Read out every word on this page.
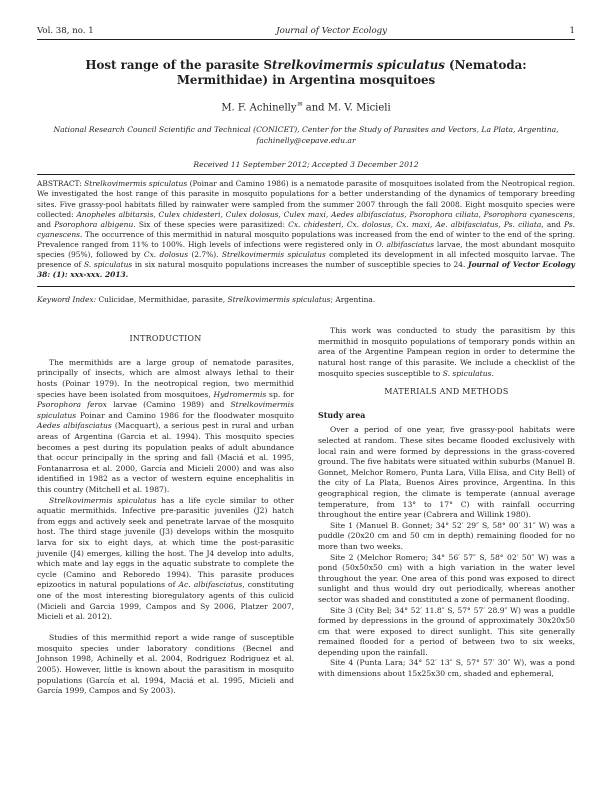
Vol. 38, no. 1	Journal of Vector Ecology	1
Host range of the parasite Strelkovimermis spiculatus (Nematoda: Mermithidae) in Argentina mosquitoes
M. F. Achinelly✉ and M. V. Micieli
National Research Council Scientific and Technical (CONICET), Center for the Study of Parasites and Vectors, La Plata, Argentina,
fachinelly@cepave.edu.ar
Received 11 September 2012; Accepted 3 December 2012
ABSTRACT: Strelkovimermis spiculatus (Poinar and Camino 1986) is a nematode parasite of mosquitoes isolated from the Neotropical region. We investigated the host range of this parasite in mosquito populations for a better understanding of the dynamics of temporary breeding sites. Five grassy-pool habitats filled by rainwater were sampled from the summer 2007 through the fall 2008. Eight mosquito species were collected: Anopheles albitarsis, Culex chidesteri, Culex dolosus, Culex maxi, Aedes albifasciatus, Psorophora ciliata, Psorophora cyanescens, and Psorophora albigenu. Six of these species were parasitized: Cx. chidesteri, Cx. dolosus, Cx. maxi, Ae. albifasciatus, Ps. ciliata, and Ps. cyanescens. The occurrence of this mermithid in natural mosquito populations was increased from the end of winter to the end of the spring. Prevalence ranged from 11% to 100%. High levels of infections were registered only in O. albifasciatus larvae, the most abundant mosquito species (95%), followed by Cx. dolosus (2.7%). Strelkovimermis spiculatus completed its development in all infected mosquito larvae. The presence of S. spiculatus in six natural mosquito populations increases the number of susceptible species to 24. Journal of Vector Ecology 38: (1): xxx-xxx. 2013.
Keyword Index: Culicidae, Mermithidae, parasite, Strelkovimermis spiculatus; Argentina.
INTRODUCTION

The mermithids are a large group of nematode parasites, principally of insects, which are almost always lethal to their hosts (Poinar 1979). In the neotropical region, two mermithid species have been isolated from mosquitoes, Hydromermis sp. for Psorophora ferox larvae (Camino 1989) and Strelkovimermis spiculatus Poinar and Camino 1986 for the floodwater mosquito Aedes albifasciatus (Macquart), a serious pest in rural and urban areas of Argentina (Garcia et al. 1994). This mosquito species becomes a pest during its population peaks of adult abundance that occur principally in the spring and fall (Maciá et al. 1995, Fontanarrosa et al. 2000, García and Micieli 2000) and was also identified in 1982 as a vector of western equine encephalitis in this country (Mitchell et al. 1987).

Strelkovimermis spiculatus has a life cycle similar to other aquatic mermithids. Infective pre-parasitic juveniles (J2) hatch from eggs and actively seek and penetrate larvae of the mosquito host. The third stage juvenile (J3) develops within the mosquito larva for six to eight days, at which time the post-parasitic juvenile (J4) emerges, killing the host. The J4 develop into adults, which mate and lay eggs in the aquatic substrate to complete the cycle (Camino and Reboredo 1994). This parasite produces epizootics in natural populations of Ac. albifasciatus, constituting one of the most interesting bioregulatory agents of this culicid (Micieli and Garcia 1999, Campos and Sy 2006, Platzer 2007, Micieli et al. 2012).

Studies of this mermithid report a wide range of susceptible mosquito species under laboratory conditions (Becnel and Johnson 1998, Achinelly et al. 2004, Rodriguez Rodriguez et al. 2005). However, little is known about the parasitism in mosquito populations (García et al. 1994, Maciá et al. 1995, Micieli and García 1999, Campos and Sy 2003).

This work was conducted to study the parasitism by this mermithid in mosquito populations of temporary ponds within an area of the Argentine Pampean region in order to determine the natural host range of this parasite. We include a checklist of the mosquito species susceptible to S. spiculatus.

MATERIALS AND METHODS
Study area

Over a period of one year, five grassy-pool habitats were selected at random. These sites became flooded exclusively with local rain and were formed by depressions in the grass-covered ground. The five habitats were situated within suburbs (Manuel B. Gonnet, Melchor Romero, Punta Lara, Villa Elisa, and City Bell) of the city of La Plata, Buenos Aires province, Argentina. In this geographical region, the climate is temperate (annual average temperature, from 13° to 17° C) with rainfall occurring throughout the entire year (Cabrera and Willink 1980).

Site 1 (Manuel B. Gonnet; 34° 52′ 29″ S, 58° 00′ 31″ W) was a puddle (20x20 cm and 50 cm in depth) remaining flooded for no more than two weeks.

Site 2 (Melchor Romero; 34° 56′ 57″ S, 58° 02′ 50″ W) was a pond (50x50x50 cm) with a high variation in the water level throughout the year. One area of this pond was exposed to direct sunlight and thus would dry out periodically, whereas another sector was shaded and constituted a zone of permanent flooding.

Site 3 (City Bel; 34° 52′ 11.8″ S, 57° 57′ 28.9″ W) was a puddle formed by depressions in the ground of approximately 30x20x50 cm that were exposed to direct sunlight. This site generally remained flooded for a period of between two to six weeks, depending upon the rainfall.

Site 4 (Punta Lara; 34° 52′ 13″ S, 57° 57′ 30″ W), was a pond with dimensions about 15x25x30 cm, shaded and ephemeral,
